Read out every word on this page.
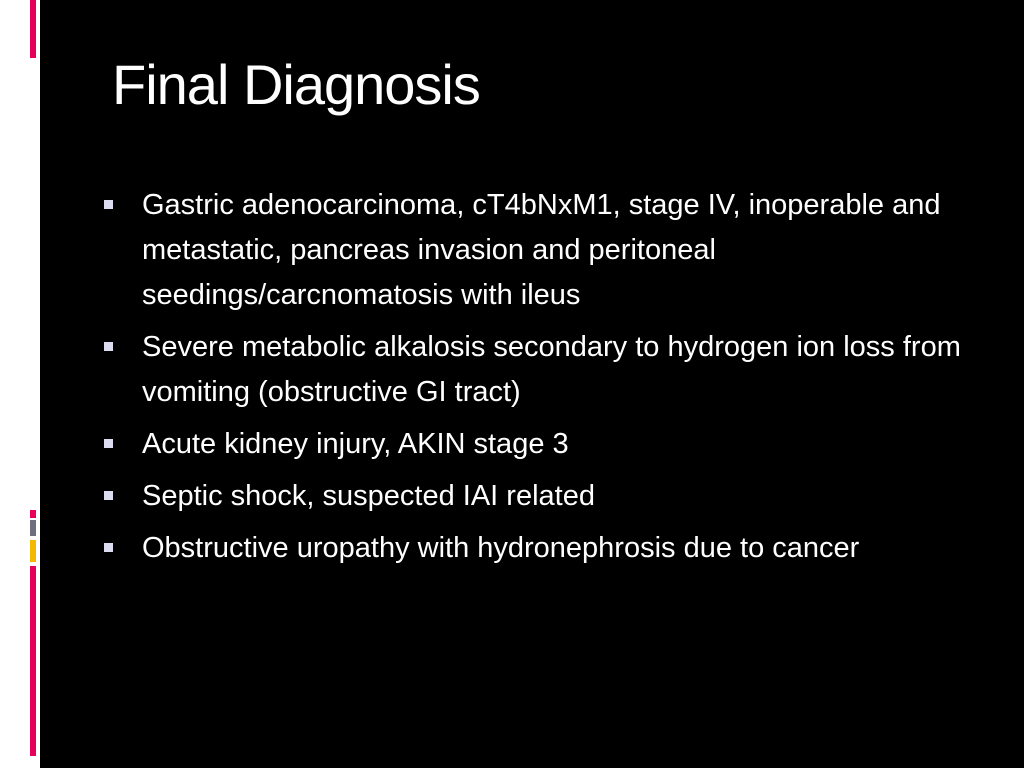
Final Diagnosis
Gastric adenocarcinoma, cT4bNxM1, stage IV, inoperable and metastatic, pancreas invasion and peritoneal seedings/carcnomatosis with ileus
Severe metabolic alkalosis secondary to hydrogen ion loss from vomiting (obstructive GI tract)
Acute kidney injury, AKIN stage 3
Septic shock, suspected IAI related
Obstructive uropathy with hydronephrosis due to cancer
